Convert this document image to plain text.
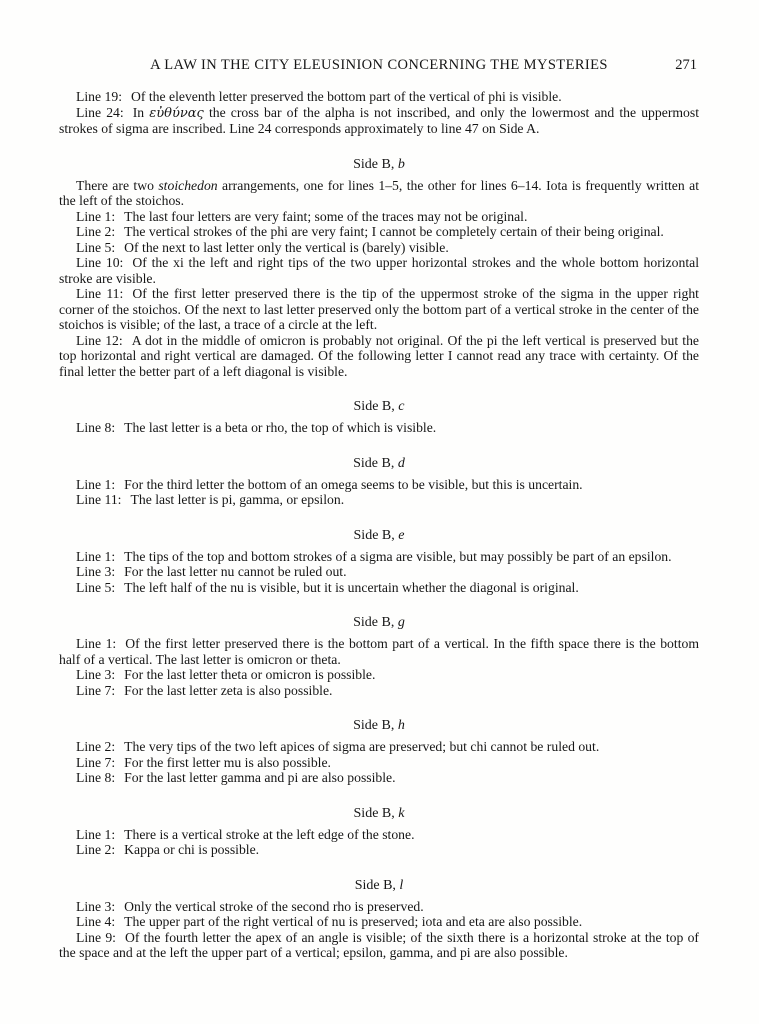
A LAW IN THE CITY ELEUSINION CONCERNING THE MYSTERIES	271

Line 19: Of the eleventh letter preserved the bottom part of the vertical of phi is visible.

Line 24: In εὐθύνας the cross bar of the alpha is not inscribed, and only the lowermost and the uppermost strokes of sigma are inscribed. Line 24 corresponds approximately to line 47 on Side A.

Side B, b

There are two stoichedon arrangements, one for lines 1–5, the other for lines 6–14. Iota is frequently written at the left of the stoichos.

Line 1: The last four letters are very faint; some of the traces may not be original.

Line 2: The vertical strokes of the phi are very faint; I cannot be completely certain of their being original.

Line 5: Of the next to last letter only the vertical is (barely) visible.

Line 10: Of the xi the left and right tips of the two upper horizontal strokes and the whole bottom horizontal stroke are visible.

Line 11: Of the first letter preserved there is the tip of the uppermost stroke of the sigma in the upper right corner of the stoichos. Of the next to last letter preserved only the bottom part of a vertical stroke in the center of the stoichos is visible; of the last, a trace of a circle at the left.

Line 12: A dot in the middle of omicron is probably not original. Of the pi the left vertical is preserved but the top horizontal and right vertical are damaged. Of the following letter I cannot read any trace with certainty. Of the final letter the better part of a left diagonal is visible.

Side B, c

Line 8: The last letter is a beta or rho, the top of which is visible.

Side B, d

Line 1: For the third letter the bottom of an omega seems to be visible, but this is uncertain.

Line 11: The last letter is pi, gamma, or epsilon.

Side B, e

Line 1: The tips of the top and bottom strokes of a sigma are visible, but may possibly be part of an epsilon.

Line 3: For the last letter nu cannot be ruled out.

Line 5: The left half of the nu is visible, but it is uncertain whether the diagonal is original.

Side B, g

Line 1: Of the first letter preserved there is the bottom part of a vertical. In the fifth space there is the bottom half of a vertical. The last letter is omicron or theta.

Line 3: For the last letter theta or omicron is possible.

Line 7: For the last letter zeta is also possible.

Side B, h

Line 2: The very tips of the two left apices of sigma are preserved; but chi cannot be ruled out.

Line 7: For the first letter mu is also possible.

Line 8: For the last letter gamma and pi are also possible.

Side B, k

Line 1: There is a vertical stroke at the left edge of the stone.

Line 2: Kappa or chi is possible.

Side B, l

Line 3: Only the vertical stroke of the second rho is preserved.

Line 4: The upper part of the right vertical of nu is preserved; iota and eta are also possible.

Line 9: Of the fourth letter the apex of an angle is visible; of the sixth there is a horizontal stroke at the top of the space and at the left the upper part of a vertical; epsilon, gamma, and pi are also possible.
